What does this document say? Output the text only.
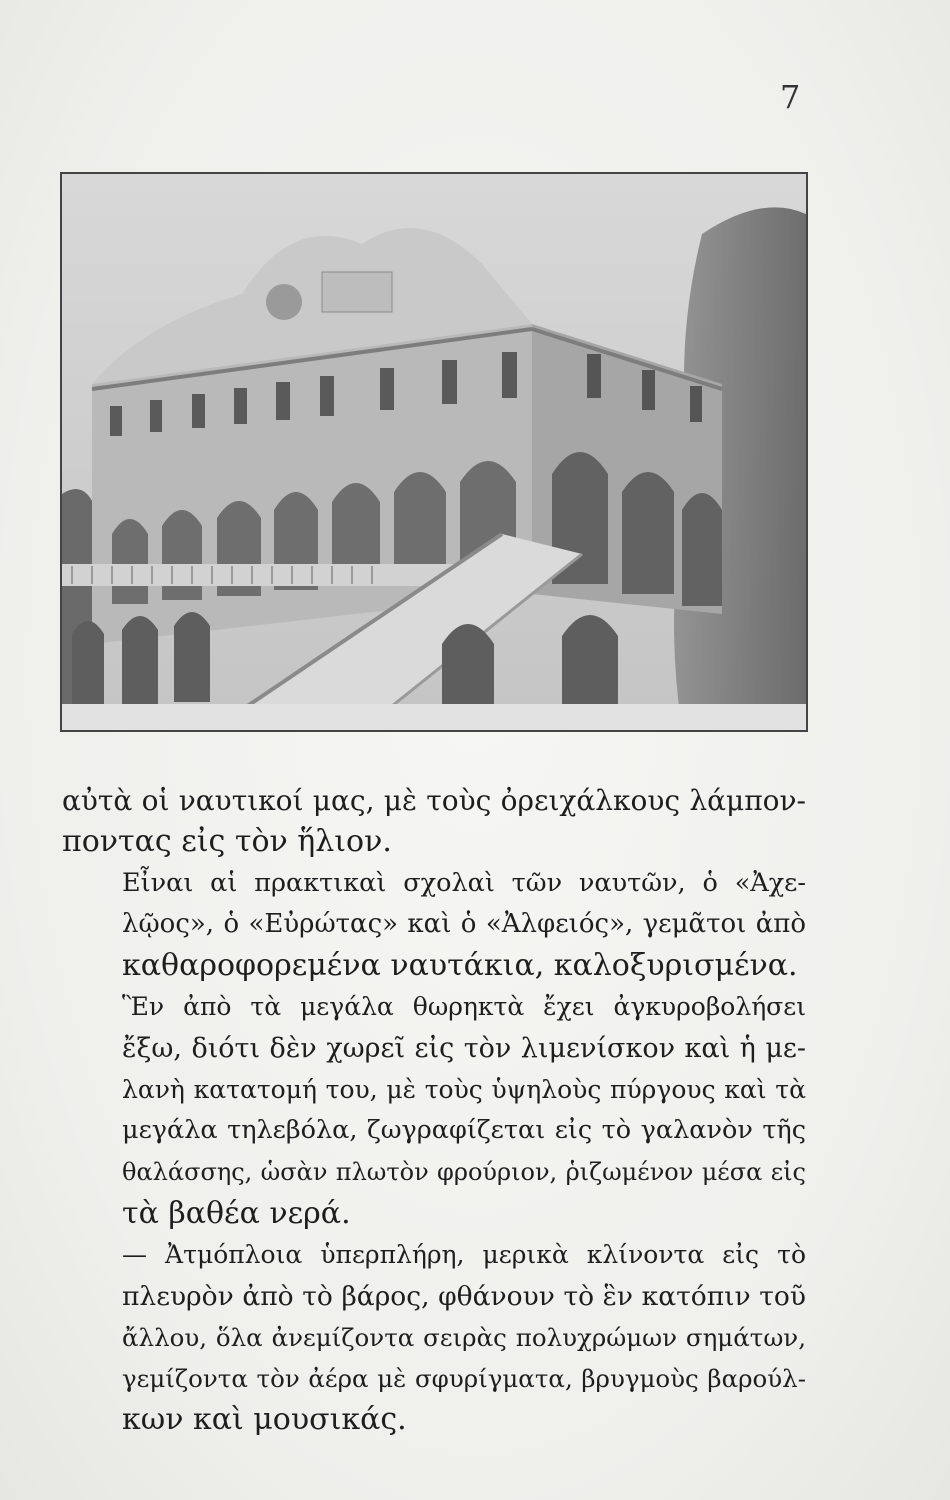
7

αὐτὰ οἱ ναυτικοί μας, μὲ τοὺς ὀρειχάλκους λάμπον-
ποντας εἰς τὸν ἥλιον.

Εἶναι αἱ πρακτικαὶ σχολαὶ τῶν ναυτῶν, ὁ «Ἀχε-
λῷος», ὁ «Εὐρώτας» καὶ ὁ «Ἀλφειός», γεμᾶτοι ἀπὸ
καθαροφορεμένα ναυτάκια, καλοξυρισμένα.

Ἓν ἀπὸ τὰ μεγάλα θωρηκτὰ ἔχει ἀγκυροβολήσει
ἔξω, διότι δὲν χωρεῖ εἰς τὸν λιμενίσκον καὶ ἡ με-
λανὴ κατατομή του, μὲ τοὺς ὑψηλοὺς πύργους καὶ τὰ
μεγάλα τηλεβόλα, ζωγραφίζεται εἰς τὸ γαλανὸν τῆς
θαλάσσης, ὡσὰν πλωτὸν φρούριον, ῥιζωμένον μέσα εἰς
τὰ βαθέα νερά.

— Ἀτμόπλοια ὑπερπλήρη, μερικὰ κλίνοντα εἰς τὸ
πλευρὸν ἀπὸ τὸ βάρος, φθάνουν τὸ ἓν κατόπιν τοῦ
ἄλλου, ὅλα ἀνεμίζοντα σειρὰς πολυχρώμων σημάτων,
γεμίζοντα τὸν ἀέρα μὲ σφυρίγματα, βρυγμοὺς βαρούλ-
κων καὶ μουσικάς.
